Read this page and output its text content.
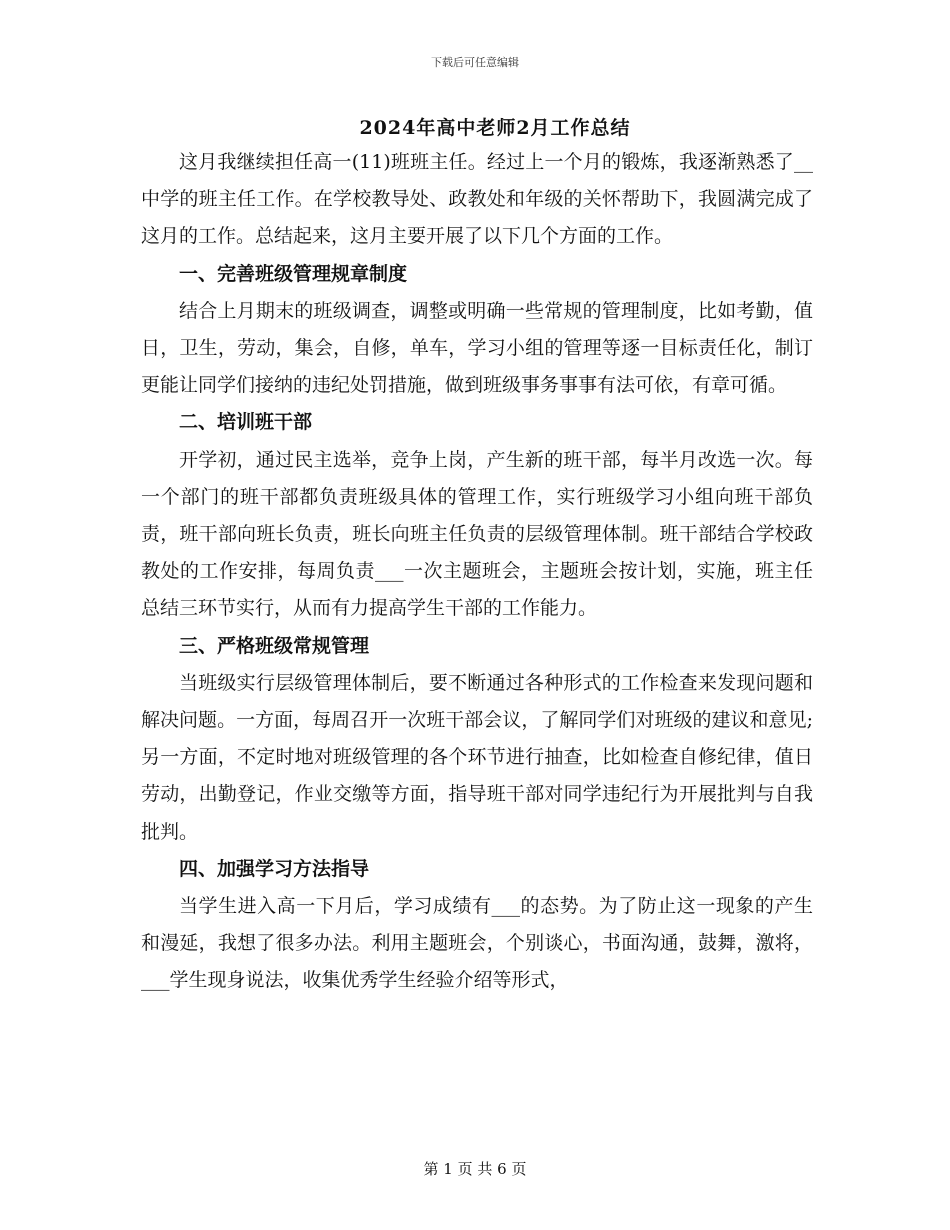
下载后可任意编辑
2024年高中老师2月工作总结

这月我继续担任高一(11)班班主任。经过上一个月的锻炼，我逐渐熟悉了__中学的班主任工作。在学校教导处、政教处和年级的关怀帮助下，我圆满完成了这月的工作。总结起来，这月主要开展了以下几个方面的工作。

一、完善班级管理规章制度

结合上月期末的班级调查，调整或明确一些常规的管理制度，比如考勤，值日，卫生，劳动，集会，自修，单车，学习小组的管理等逐一目标责任化，制订更能让同学们接纳的违纪处罚措施，做到班级事务事事有法可依，有章可循。

二、培训班干部

开学初，通过民主选举，竞争上岗，产生新的班干部，每半月改选一次。每一个部门的班干部都负责班级具体的管理工作，实行班级学习小组向班干部负责，班干部向班长负责，班长向班主任负责的层级管理体制。班干部结合学校政教处的工作安排，每周负责___一次主题班会，主题班会按计划，实施，班主任总结三环节实行，从而有力提高学生干部的工作能力。

三、严格班级常规管理

当班级实行层级管理体制后，要不断通过各种形式的工作检查来发现问题和解决问题。一方面，每周召开一次班干部会议，了解同学们对班级的建议和意见;另一方面，不定时地对班级管理的各个环节进行抽查，比如检查自修纪律，值日劳动，出勤登记，作业交缴等方面，指导班干部对同学违纪行为开展批判与自我批判。

四、加强学习方法指导

当学生进入高一下月后，学习成绩有___的态势。为了防止这一现象的产生和漫延，我想了很多办法。利用主题班会，个别谈心，书面沟通，鼓舞，激将，___学生现身说法，收集优秀学生经验介绍等形式，

第 1 页 共 6 页
